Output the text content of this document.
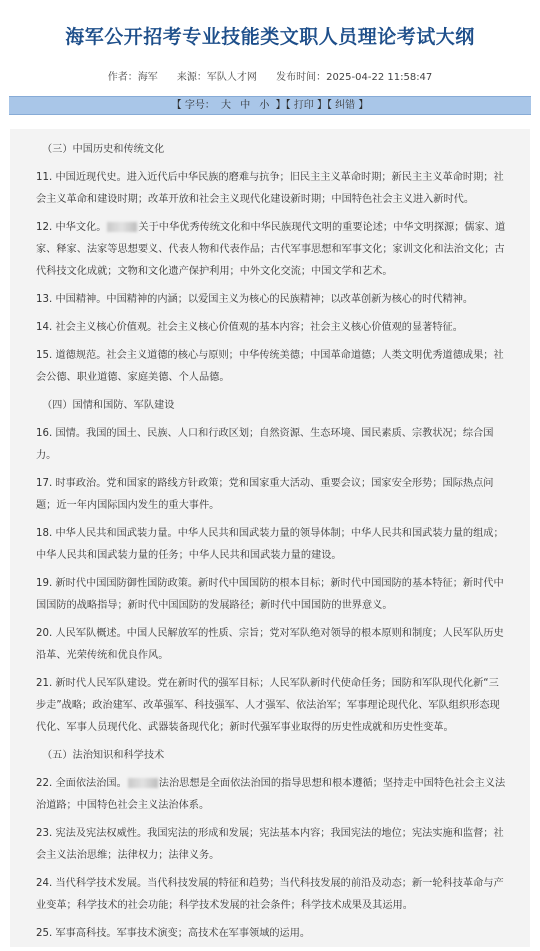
海军公开招考专业技能类文职人员理论考试大纲
作者：海军 来源：军队人才网 发布时间：2025-04-22 11:58:47
【 字号： 大 中 小 】【 打印 】【 纠错 】
（三）中国历史和传统文化
11. 中国近现代史。进入近代后中华民族的磨难与抗争；旧民主主义革命时期；新民主主义革命时期；社会主义革命和建设时期；改革开放和社会主义现代化建设新时期；中国特色社会主义进入新时代。
12. 中华文化。	关于中华优秀传统文化和中华民族现代文明的重要论述；中华文明探源；儒家、道家、释家、法家等思想要义、代表人物和代表作品；古代军事思想和军事文化；家训文化和法治文化；古代科技文化成就；文物和文化遗产保护利用；中外文化交流；中国文学和艺术。
13. 中国精神。中国精神的内涵；以爱国主义为核心的民族精神；以改革创新为核心的时代精神。
14. 社会主义核心价值观。社会主义核心价值观的基本内容；社会主义核心价值观的显著特征。
15. 道德规范。社会主义道德的核心与原则；中华传统美德；中国革命道德；人类文明优秀道德成果；社会公德、职业道德、家庭美德、个人品德。
（四）国情和国防、军队建设
16. 国情。我国的国土、民族、人口和行政区划；自然资源、生态环境、国民素质、宗教状况；综合国力。
17. 时事政治。党和国家的路线方针政策；党和国家重大活动、重要会议；国家安全形势；国际热点问题；近一年内国际国内发生的重大事件。
18. 中华人民共和国武装力量。中华人民共和国武装力量的领导体制；中华人民共和国武装力量的组成；中华人民共和国武装力量的任务；中华人民共和国武装力量的建设。
19. 新时代中国国防御性国防政策。新时代中国国防的根本目标；新时代中国国防的基本特征；新时代中国国防的战略指导；新时代中国国防的发展路径；新时代中国国防的世界意义。
20. 人民军队概述。中国人民解放军的性质、宗旨；党对军队绝对领导的根本原则和制度；人民军队历史沿革、光荣传统和优良作风。
21. 新时代人民军队建设。党在新时代的强军目标；人民军队新时代使命任务；国防和军队现代化新“三步走”战略；政治建军、改革强军、科技强军、人才强军、依法治军；军事理论现代化、军队组织形态现代化、军事人员现代化、武器装备现代化；新时代强军事业取得的历史性成就和历史性变革。
（五）法治知识和科学技术
22. 全面依法治国。	法治思想是全面依法治国的指导思想和根本遵循；坚持走中国特色社会主义法治道路；中国特色社会主义法治体系。
23. 宪法及宪法权威性。我国宪法的形成和发展；宪法基本内容；我国宪法的地位；宪法实施和监督；社会主义法治思维；法律权力；法律义务。
24. 当代科学技术发展。当代科技发展的特征和趋势；当代科技发展的前沿及动态；新一轮科技革命与产业变革；科学技术的社会功能；科学技术发展的社会条件；科学技术成果及其运用。
25. 军事高科技。军事技术演变；高技术在军事领域的运用。
